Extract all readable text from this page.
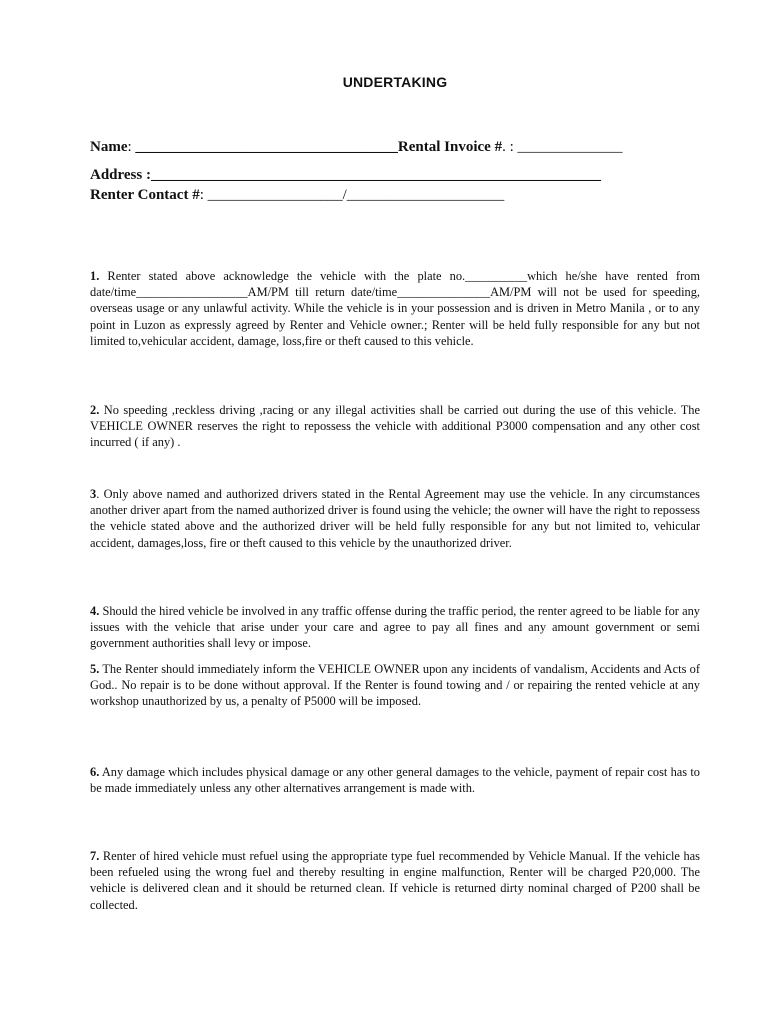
UNDERTAKING
Name: ___________________________________Rental Invoice #. : ______________
Address :____________________________________________________________
Renter Contact #: __________________/_____________________
1. Renter stated above acknowledge the vehicle with the plate no.__________which he/she have rented from date/time__________________AM/PM till return date/time_______________AM/PM will not be used for speeding, overseas usage or any unlawful activity. While the vehicle is in your possession and is driven in Metro Manila , or to any point in Luzon as expressly agreed by Renter and Vehicle owner.; Renter will be held fully responsible for any but not limited to,vehicular accident, damage, loss,fire or theft caused to this vehicle.
2. No speeding ,reckless driving ,racing or any illegal activities shall be carried out during the use of this vehicle. The VEHICLE OWNER reserves the right to repossess the vehicle with additional P3000 compensation and any other cost incurred ( if any) .
3. Only above named and authorized drivers stated in the Rental Agreement may use the vehicle. In any circumstances another driver apart from the named authorized driver is found using the vehicle; the owner will have the right to repossess the vehicle stated above and the authorized driver will be held fully responsible for any but not limited to, vehicular accident, damages,loss, fire or theft caused to this vehicle by the unauthorized driver.
4. Should the hired vehicle be involved in any traffic offense during the traffic period, the renter agreed to be liable for any issues with the vehicle that arise under your care and agree to pay all fines and any amount government or semi government authorities shall levy or impose.
5. The Renter should immediately inform the VEHICLE OWNER upon any incidents of vandalism, Accidents and Acts of God.. No repair is to be done without approval. If the Renter is found towing and / or repairing the rented vehicle at any workshop unauthorized by us, a penalty of P5000 will be imposed.
6. Any damage which includes physical damage or any other general damages to the vehicle, payment of repair cost has to be made immediately unless any other alternatives arrangement is made with.
7. Renter of hired vehicle must refuel using the appropriate type fuel recommended by Vehicle Manual. If the vehicle has been refueled using the wrong fuel and thereby resulting in engine malfunction, Renter will be charged P20,000. The vehicle is delivered clean and it should be returned clean. If vehicle is returned dirty nominal charged of P200 shall be collected.
